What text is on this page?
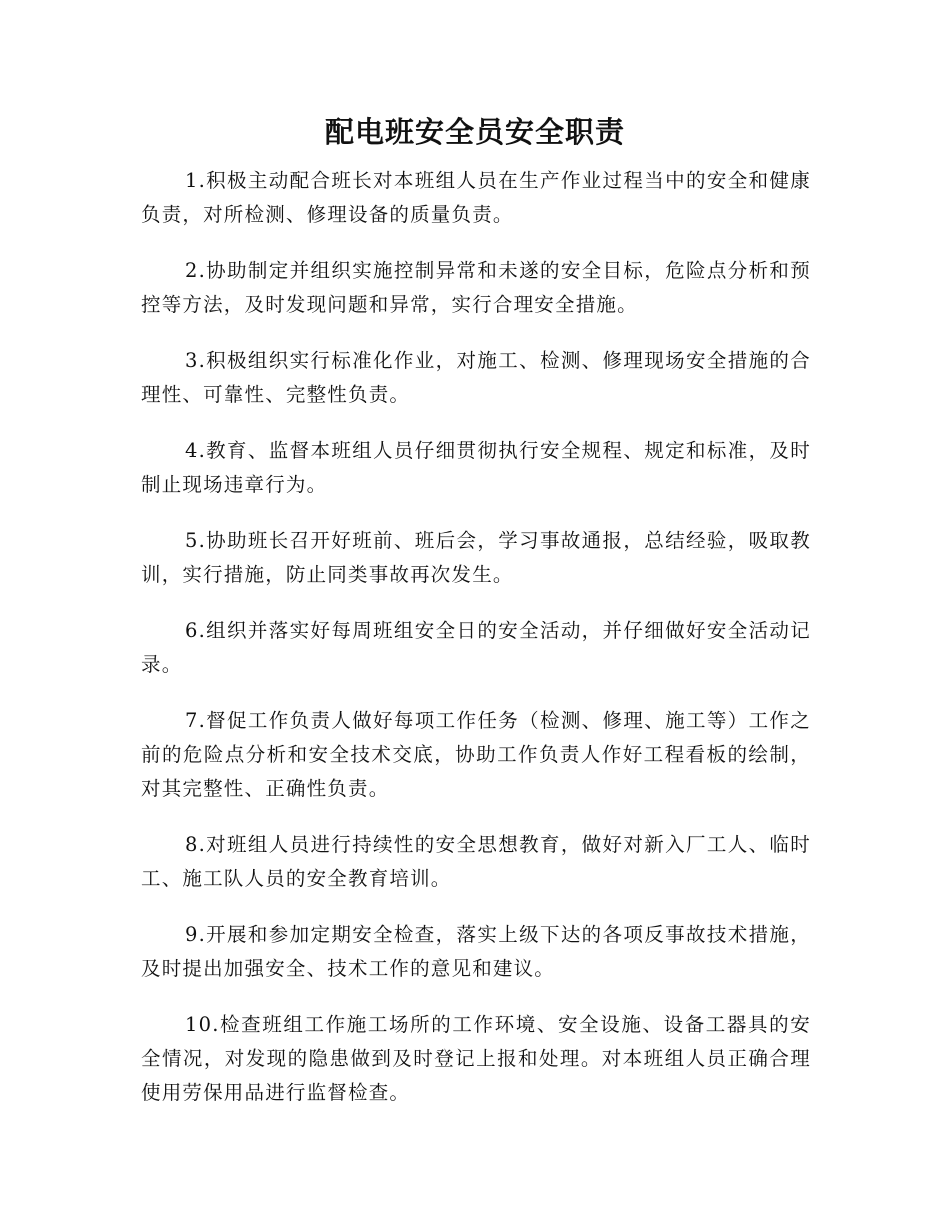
配电班安全员安全职责

1.积极主动配合班长对本班组人员在生产作业过程当中的安全和健康负责，对所检测、修理设备的质量负责。

2.协助制定并组织实施控制异常和未遂的安全目标，危险点分析和预控等方法，及时发现问题和异常，实行合理安全措施。

3.积极组织实行标准化作业，对施工、检测、修理现场安全措施的合理性、可靠性、完整性负责。

4.教育、监督本班组人员仔细贯彻执行安全规程、规定和标准，及时制止现场违章行为。

5.协助班长召开好班前、班后会，学习事故通报，总结经验，吸取教训，实行措施，防止同类事故再次发生。

6.组织并落实好每周班组安全日的安全活动，并仔细做好安全活动记录。

7.督促工作负责人做好每项工作任务（检测、修理、施工等）工作之前的危险点分析和安全技术交底，协助工作负责人作好工程看板的绘制，对其完整性、正确性负责。

8.对班组人员进行持续性的安全思想教育，做好对新入厂工人、临时工、施工队人员的安全教育培训。

9.开展和参加定期安全检查，落实上级下达的各项反事故技术措施，及时提出加强安全、技术工作的意见和建议。

10.检查班组工作施工场所的工作环境、安全设施、设备工器具的安全情况，对发现的隐患做到及时登记上报和处理。对本班组人员正确合理使用劳保用品进行监督检查。
